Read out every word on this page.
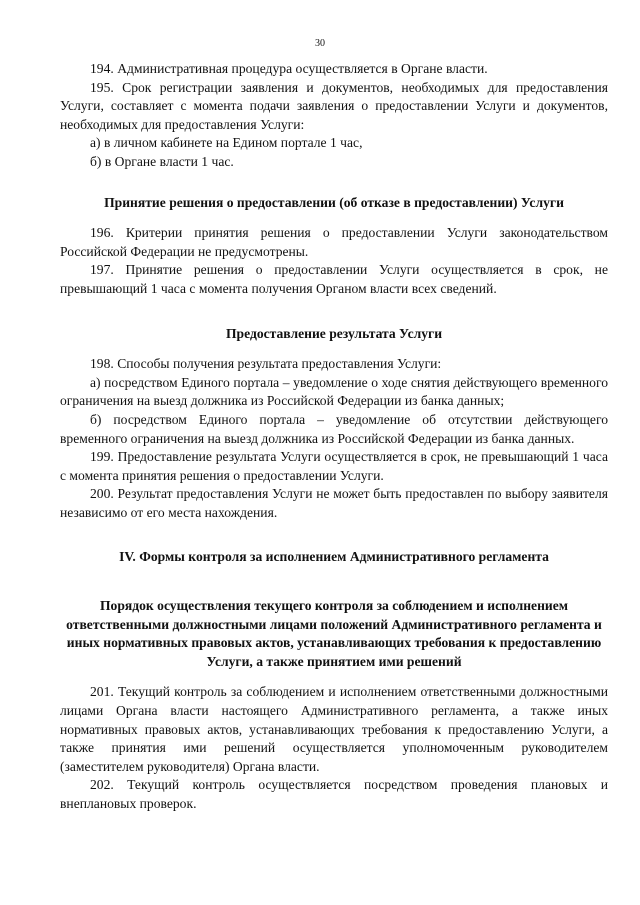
30

194. Административная процедура осуществляется в Органе власти.

195. Срок регистрации заявления и документов, необходимых для предоставления Услуги, составляет с момента подачи заявления о предоставлении Услуги и документов, необходимых для предоставления Услуги:

а) в личном кабинете на Едином портале 1 час,

б) в Органе власти 1 час.

Принятие решения о предоставлении (об отказе в предоставлении) Услуги

196. Критерии принятия решения о предоставлении Услуги законодательством Российской Федерации не предусмотрены.

197. Принятие решения о предоставлении Услуги осуществляется в срок, не превышающий 1 часа с момента получения Органом власти всех сведений.

Предоставление результата Услуги

198. Способы получения результата предоставления Услуги:

а) посредством Единого портала – уведомление о ходе снятия действующего временного ограничения на выезд должника из Российской Федерации из банка данных;

б) посредством Единого портала – уведомление об отсутствии действующего временного ограничения на выезд должника из Российской Федерации из банка данных.

199. Предоставление результата Услуги осуществляется в срок, не превышающий 1 часа с момента принятия решения о предоставлении Услуги.

200. Результат предоставления Услуги не может быть предоставлен по выбору заявителя независимо от его места нахождения.

IV. Формы контроля за исполнением Административного регламента

Порядок осуществления текущего контроля за соблюдением и исполнением ответственными должностными лицами положений Административного регламента и иных нормативных правовых актов, устанавливающих требования к предоставлению Услуги, а также принятием ими решений

201. Текущий контроль за соблюдением и исполнением ответственными должностными лицами Органа власти настоящего Административного регламента, а также иных нормативных правовых актов, устанавливающих требования к предоставлению Услуги, а также принятия ими решений осуществляется уполномоченным руководителем (заместителем руководителя) Органа власти.

202. Текущий контроль осуществляется посредством проведения плановых и внеплановых проверок.
